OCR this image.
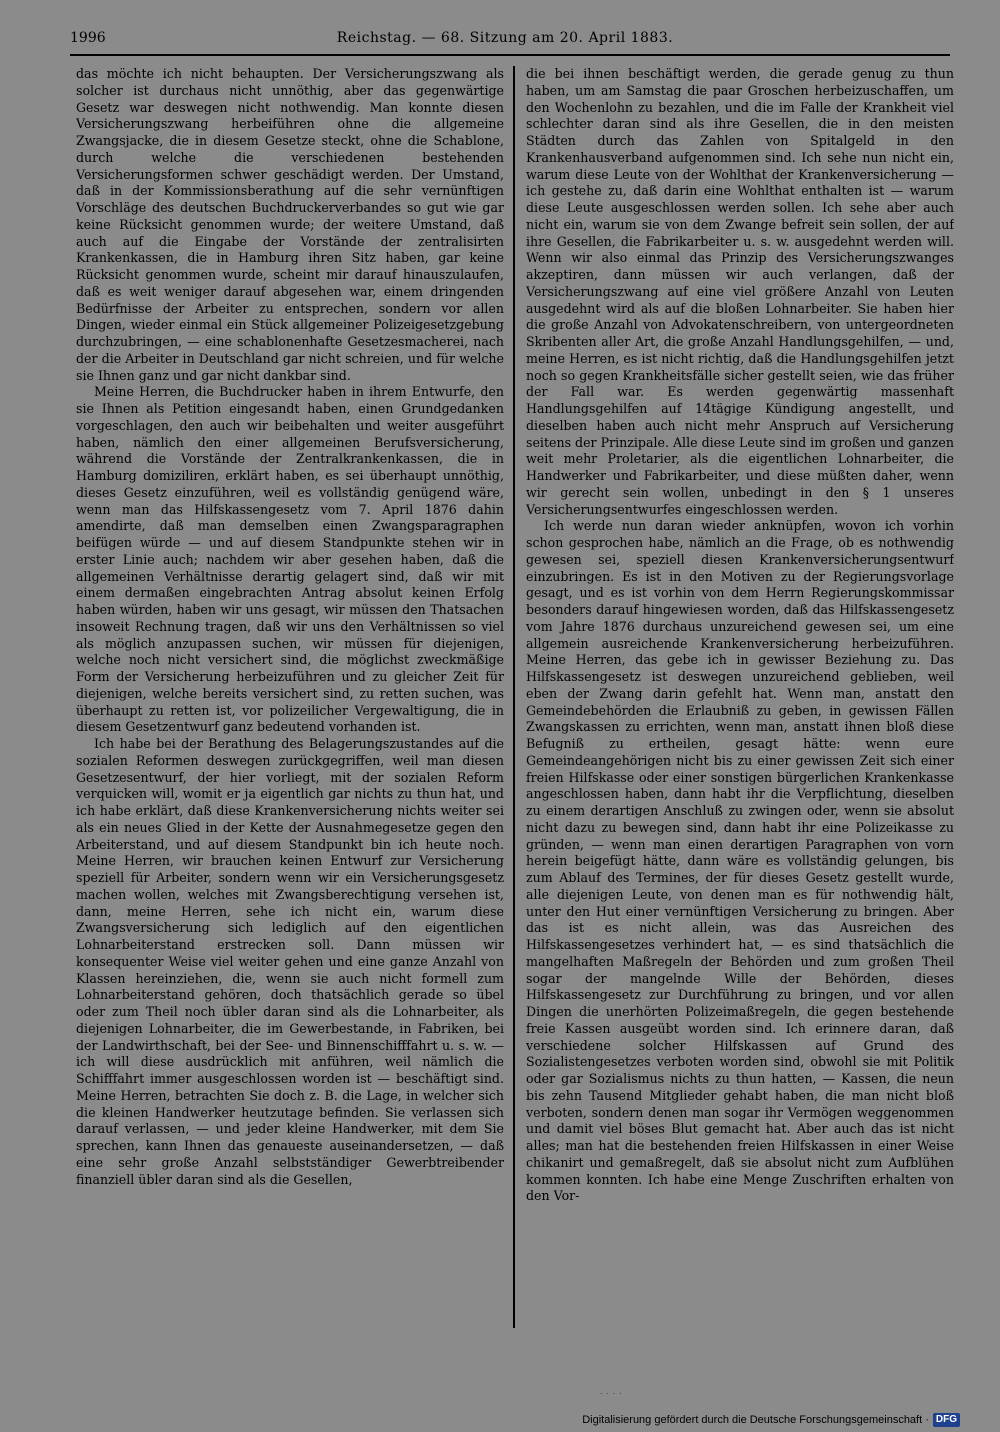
1996	Reichstag. — 68. Sitzung am 20. April 1883.

das möchte ich nicht behaupten. Der Versicherungszwang als solcher ist durchaus nicht unnöthig, aber das gegenwärtige Gesetz war deswegen nicht nothwendig. Man konnte diesen Versicherungszwang herbeiführen ohne die allgemeine Zwangsjacke, die in diesem Gesetze steckt, ohne die Schablone, durch welche die verschiedenen bestehenden Versicherungsformen schwer geschädigt werden. Der Umstand, daß in der Kommissionsberathung auf die sehr vernünftigen Vorschläge des deutschen Buchdruckerverbandes so gut wie gar keine Rücksicht genommen wurde; der weitere Umstand, daß auch auf die Eingabe der Vorstände der zentralisirten Krankenkassen, die in Hamburg ihren Sitz haben, gar keine Rücksicht genommen wurde, scheint mir darauf hinauszulaufen, daß es weit weniger darauf abgesehen war, einem dringenden Bedürfnisse der Arbeiter zu entsprechen, sondern vor allen Dingen, wieder einmal ein Stück allgemeiner Polizeigesetzgebung durchzubringen, — eine schablonenhafte Gesetzesmacherei, nach der die Arbeiter in Deutschland gar nicht schreien, und für welche sie Ihnen ganz und gar nicht dankbar sind.

Meine Herren, die Buchdrucker haben in ihrem Entwurfe, den sie Ihnen als Petition eingesandt haben, einen Grundgedanken vorgeschlagen, den auch wir beibehalten und weiter ausgeführt haben, nämlich den einer allgemeinen Berufsversicherung, während die Vorstände der Zentralkrankenkassen, die in Hamburg domizilirеn, erklärt haben, es sei überhaupt unnöthig, dieses Gesetz einzuführen, weil es vollständig genügend wäre, wenn man das Hilfskassengesetz vom 7. April 1876 dahin amendirte, daß man demselben einen Zwangsparagraphen beifügen würde — und auf diesem Standpunkte stehen wir in erster Linie auch; nachdem wir aber gesehen haben, daß die allgemeinen Verhältnisse derartig gelagert sind, daß wir mit einem dermaßen eingebrachten Antrag absolut keinen Erfolg haben würden, haben wir uns gesagt, wir müssen den Thatsachen insoweit Rechnung tragen, daß wir uns den Verhältnissen so viel als möglich anzupassen suchen, wir müssen für diejenigen, welche noch nicht versichert sind, die möglichst zweckmäßige Form der Versicherung herbeizuführen und zu gleicher Zeit für diejenigen, welche bereits versichert sind, zu retten suchen, was überhaupt zu retten ist, vor polizeilicher Vergewaltigung, die in diesem Gesetzentwurf ganz bedeutend vorhanden ist.

Ich habe bei der Berathung des Belagerungszustandes auf die sozialen Reformen deswegen zurückgegriffen, weil man diesen Gesetzesentwurf, der hier vorliegt, mit der sozialen Reform verquicken will, womit er ja eigentlich gar nichts zu thun hat, und ich habe erklärt, daß diese Krankenversicherung nichts weiter sei als ein neues Glied in der Kette der Ausnahmegesetze gegen den Arbeiterstand, und auf diesem Standpunkt bin ich heute noch. Meine Herren, wir brauchen keinen Entwurf zur Versicherung speziell für Arbeiter, sondern wenn wir ein Versicherungsgesetz machen wollen, welches mit Zwangsberechtigung versehen ist, dann, meine Herren, sehe ich nicht ein, warum diese Zwangsversicherung sich lediglich auf den eigentlichen Lohnarbeiterstand erstrecken soll. Dann müssen wir konsequenter Weise viel weiter gehen und eine ganze Anzahl von Klassen hereinziehen, die, wenn sie auch nicht formell zum Lohnarbeiterstand gehören, doch thatsächlich gerade so übel oder zum Theil noch übler daran sind als die Lohnarbeiter, als diejenigen Lohnarbeiter, die im Gewerbestande, in Fabriken, bei der Landwirthschaft, bei der See- und Binnenschifffahrt u. s. w. — ich will diese ausdrücklich mit anführen, weil nämlich die Schifffahrt immer ausgeschlossen worden ist — beschäftigt sind. Meine Herren, betrachten Sie doch z. B. die Lage, in welcher sich die kleinen Handwerker heutzutage befinden. Sie verlassen sich darauf verlassen, — und jeder kleine Handwerker, mit dem Sie sprechen, kann Ihnen das genaueste auseinandersetzen, — daß eine sehr große Anzahl selbstständiger Gewerbtreibender finanziell übler daran sind als die Gesellen,

die bei ihnen beschäftigt werden, die gerade genug zu thun haben, um am Samstag die paar Groschen herbeizuschaffen, um den Wochenlohn zu bezahlen, und die im Falle der Krankheit viel schlechter daran sind als ihre Gesellen, die in den meisten Städten durch das Zahlen von Spitalgeld in den Krankenhausverband aufgenommen sind. Ich sehe nun nicht ein, warum diese Leute von der Wohlthat der Krankenversicherung — ich gestehe zu, daß darin eine Wohlthat enthalten ist — warum diese Leute ausgeschlossen werden sollen. Ich sehe aber auch nicht ein, warum sie von dem Zwange befreit sein sollen, der auf ihre Gesellen, die Fabrikarbeiter u. s. w. ausgedehnt werden will. Wenn wir also einmal das Prinzip des Versicherungszwanges akzeptiren, dann müssen wir auch verlangen, daß der Versicherungszwang auf eine viel größere Anzahl von Leuten ausgedehnt wird als auf die bloßen Lohnarbeiter. Sie haben hier die große Anzahl von Advokatenschreibern, von untergeordneten Skribenten aller Art, die große Anzahl Handlungsgehilfen, — und, meine Herren, es ist nicht richtig, daß die Handlungsgehilfen jetzt noch so gegen Krankheitsfälle sicher gestellt seien, wie das früher der Fall war. Es werden gegenwärtig massenhaft Handlungsgehilfen auf 14tägige Kündigung angestellt, und dieselben haben auch nicht mehr Anspruch auf Versicherung seitens der Prinzipale. Alle diese Leute sind im großen und ganzen weit mehr Proletarier, als die eigentlichen Lohnarbeiter, die Handwerker und Fabrikarbeiter, und diese müßten daher, wenn wir gerecht sein wollen, unbedingt in den § 1 unseres Versicherungsentwurfes eingeschlossen werden.

Ich werde nun daran wieder anknüpfen, wovon ich vorhin schon gesprochen habe, nämlich an die Frage, ob es nothwendig gewesen sei, speziell diesen Krankenversicherungsentwurf einzubringen. Es ist in den Motiven zu der Regierungsvorlage gesagt, und es ist vorhin von dem Herrn Regierungskommissar besonders darauf hingewiesen worden, daß das Hilfskassengesetz vom Jahre 1876 durchaus unzureichend gewesen sei, um eine allgemein ausreichende Krankenversicherung herbeizuführen. Meine Herren, das gebe ich in gewisser Beziehung zu. Das Hilfskassengesetz ist deswegen unzureichend geblieben, weil eben der Zwang darin gefehlt hat. Wenn man, anstatt den Gemeindebehörden die Erlaubniß zu geben, in gewissen Fällen Zwangskassen zu errichten, wenn man, anstatt ihnen bloß diese Befugniß zu ertheilen, gesagt hätte: wenn eure Gemeindeangehörigen nicht bis zu einer gewissen Zeit sich einer freien Hilfskasse oder einer sonstigen bürgerlichen Krankenkasse angeschlossen haben, dann habt ihr die Verpflichtung, dieselben zu einem derartigen Anschluß zu zwingen oder, wenn sie absolut nicht dazu zu bewegen sind, dann habt ihr eine Polizeikasse zu gründen, — wenn man einen derartigen Paragraphen von vorn herein beigefügt hätte, dann wäre es vollständig gelungen, bis zum Ablauf des Termines, der für dieses Gesetz gestellt wurde, alle diejenigen Leute, von denen man es für nothwendig hält, unter den Hut einer vernünftigen Versicherung zu bringen. Aber das ist es nicht allein, was das Ausreichen des Hilfskassengesetzes verhindert hat, — es sind thatsächlich die mangelhaften Maßregeln der Behörden und zum großen Theil sogar der mangelnde Wille der Behörden, dieses Hilfskassengesetz zur Durchführung zu bringen, und vor allen Dingen die unerhörten Polizeimaßregeln, die gegen bestehende freie Kassen ausgeübt worden sind. Ich erinnere daran, daß verschiedene solcher Hilfskassen auf Grund des Sozialistengesetzes verboten worden sind, obwohl sie mit Politik oder gar Sozialismus nichts zu thun hatten, — Kassen, die neun bis zehn Tausend Mitglieder gehabt haben, die man nicht bloß verboten, sondern denen man sogar ihr Vermögen weggenommen und damit viel böses Blut gemacht hat. Aber auch das ist nicht alles; man hat die bestehenden freien Hilfskassen in einer Weise chikanirt und gemaßregelt, daß sie absolut nicht zum Aufblühen kommen konnten. Ich habe eine Menge Zuschriften erhalten von den Vor-

· · · ·
Digitalisierung gefördert durch die Deutsche Forschungsgemeinschaft · DFG
